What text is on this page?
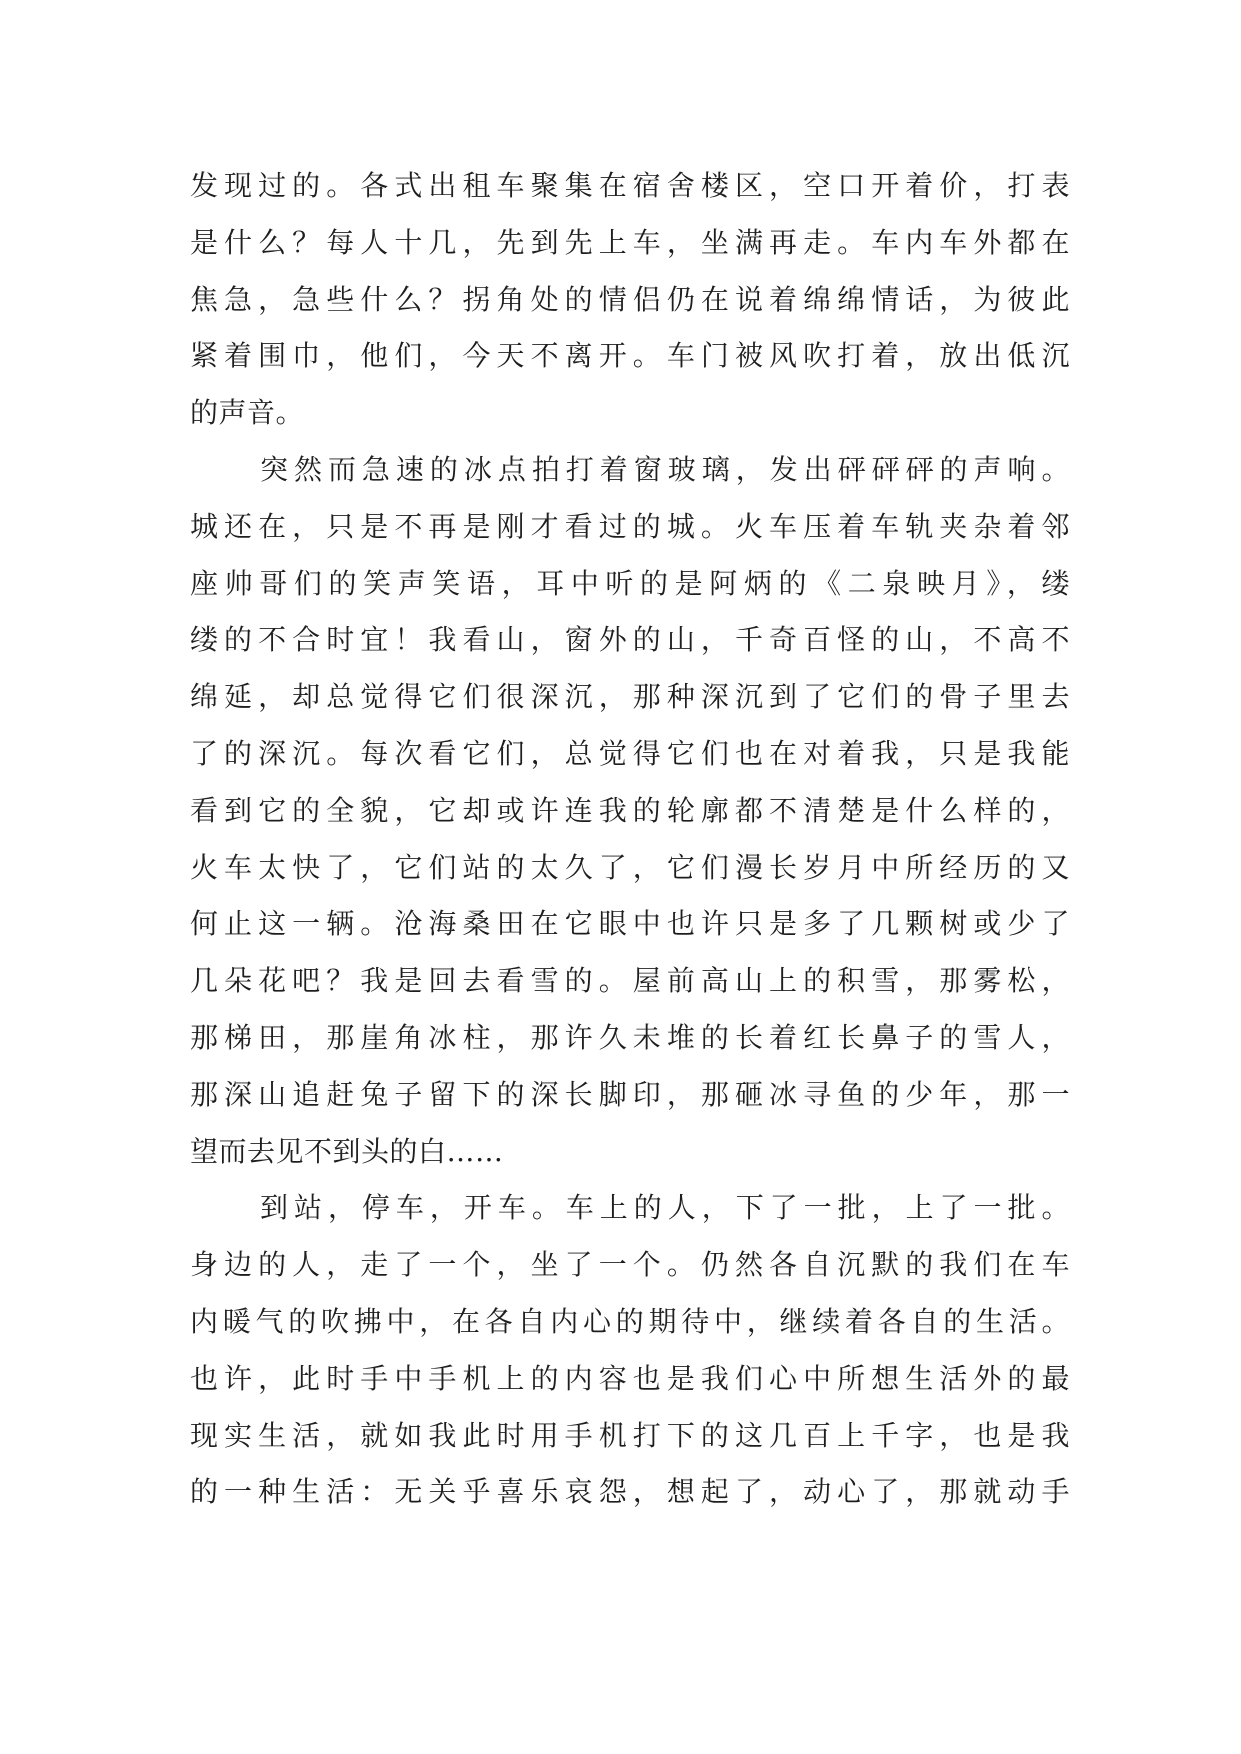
发现过的。各式出租车聚集在宿舍楼区，空口开着价，打表
是什么？每人十几，先到先上车，坐满再走。车内车外都在
焦急，急些什么？拐角处的情侣仍在说着绵绵情话，为彼此
紧着围巾，他们，今天不离开。车门被风吹打着，放出低沉
的声音。
突然而急速的冰点拍打着窗玻璃，发出砰砰砰的声响。
城还在，只是不再是刚才看过的城。火车压着车轨夹杂着邻
座帅哥们的笑声笑语，耳中听的是阿炳的《二泉映月》，缕
缕的不合时宜！我看山，窗外的山，千奇百怪的山，不高不
绵延，却总觉得它们很深沉，那种深沉到了它们的骨子里去
了的深沉。每次看它们，总觉得它们也在对着我，只是我能
看到它的全貌，它却或许连我的轮廓都不清楚是什么样的，
火车太快了，它们站的太久了，它们漫长岁月中所经历的又
何止这一辆。沧海桑田在它眼中也许只是多了几颗树或少了
几朵花吧？我是回去看雪的。屋前高山上的积雪，那雾松，
那梯田，那崖角冰柱，那许久未堆的长着红长鼻子的雪人，
那深山追赶兔子留下的深长脚印，那砸冰寻鱼的少年，那一
望而去见不到头的白……
到站，停车，开车。车上的人，下了一批，上了一批。
身边的人，走了一个，坐了一个。仍然各自沉默的我们在车
内暖气的吹拂中，在各自内心的期待中，继续着各自的生活。
也许，此时手中手机上的内容也是我们心中所想生活外的最
现实生活，就如我此时用手机打下的这几百上千字，也是我
的一种生活：无关乎喜乐哀怨，想起了，动心了，那就动手
